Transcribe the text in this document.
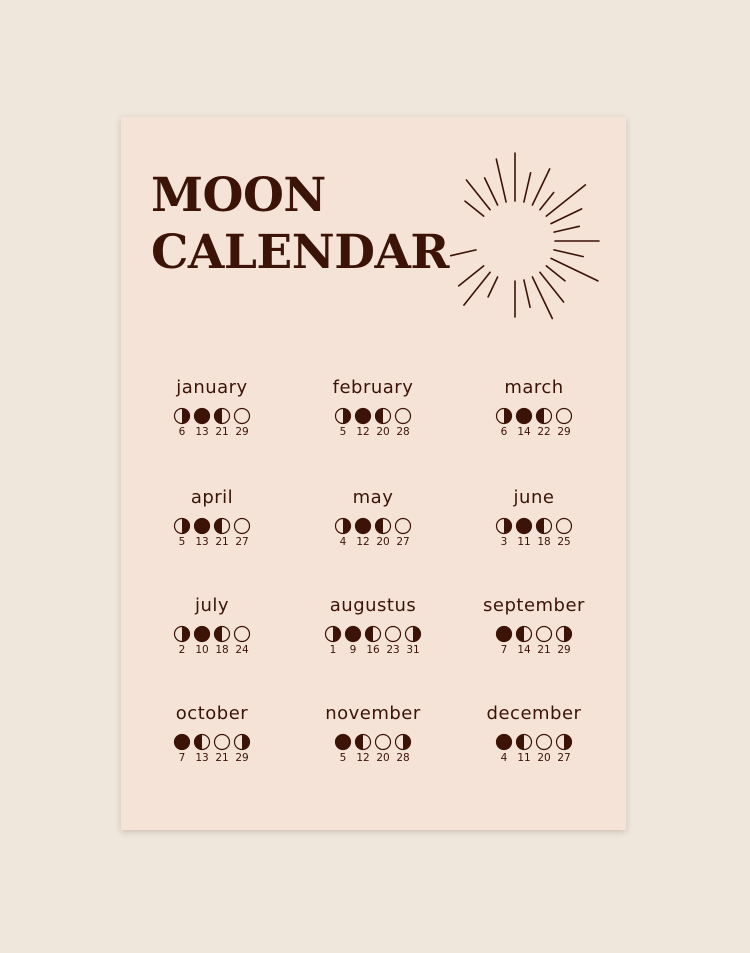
MOON
CALENDAR
january
6 13 21 29
february
5 12 20 28
march
6 14 22 29
april
5 13 21 27
may
4 12 20 27
june
3 11 18 25
july
2 10 18 24
augustus
1 9 16 23 31
september
7 14 21 29
october
7 13 21 29
november
5 12 20 28
december
4 11 20 27
